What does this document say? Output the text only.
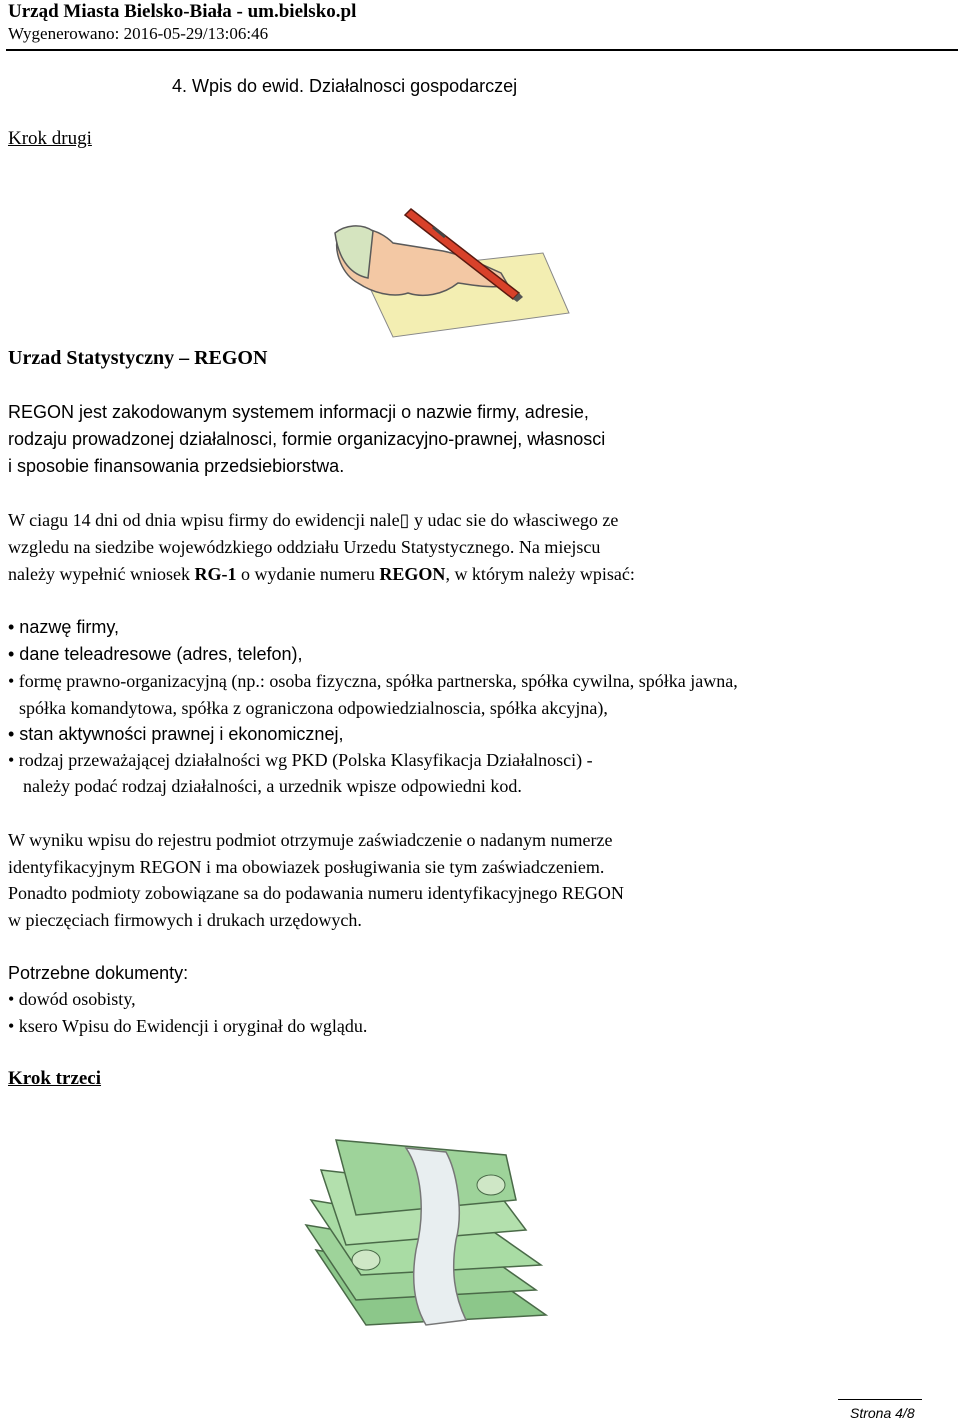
Urząd Miasta Bielsko-Biała - um.bielsko.pl
Wygenerowano: 2016-05-29/13:06:46
4. Wpis do ewid. Działalnosci gospodarczej
Krok drugi
Urzad Statystyczny – REGON
REGON jest zakodowanym systemem informacji o nazwie firmy, adresie,
rodzaju prowadzonej działalnosci, formie organizacyjno-prawnej, własnosci
i sposobie finansowania przedsiebiorstwa.
W ciagu 14 dni od dnia wpisu firmy do ewidencji nale▯ y udac sie do własciwego ze
wzgledu na siedzibe wojewódzkiego oddziału Urzedu Statystycznego. Na miejscu
należy wypełnić wniosek RG-1 o wydanie numeru REGON, w którym należy wpisać:
• nazwę firmy,
• dane teleadresowe (adres, telefon),
• formę prawno-organizacyjną (np.: osoba fizyczna, spółka partnerska, spółka cywilna, spółka jawna,
spółka komandytowa, spółka z ograniczona odpowiedzialnoscia, spółka akcyjna),
• stan aktywności prawnej i ekonomicznej,
• rodzaj przeważającej działalności wg PKD (Polska Klasyfikacja Działalnosci) -
należy podać rodzaj działalności, a urzednik wpisze odpowiedni kod.
W wyniku wpisu do rejestru podmiot otrzymuje zaświadczenie o nadanym numerze
identyfikacyjnym REGON i ma obowiazek posługiwania sie tym zaświadczeniem.
Ponadto podmioty zobowiązane sa do podawania numeru identyfikacyjnego REGON
w pieczęciach firmowych i drukach urzędowych.
Potrzebne dokumenty:
• dowód osobisty,
• ksero Wpisu do Ewidencji i oryginał do wglądu.
Krok trzeci
Strona 4/8
